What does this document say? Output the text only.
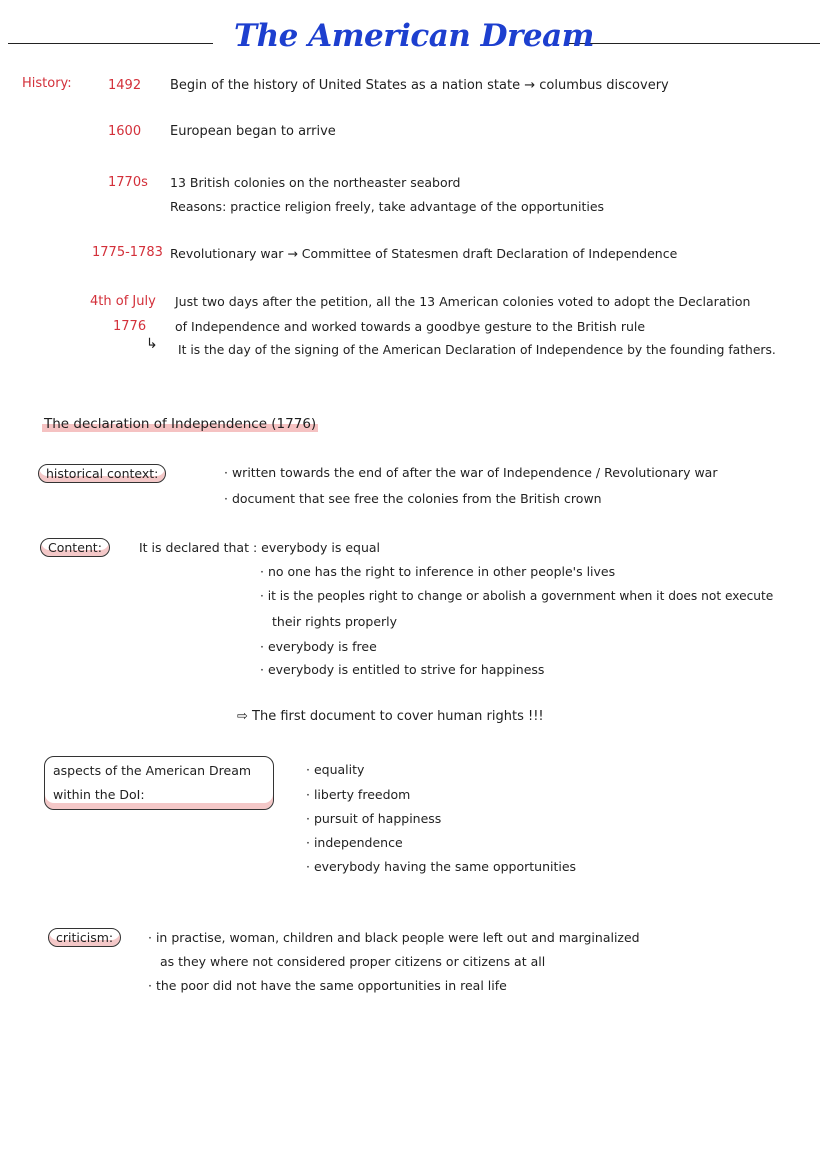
The American Dream
History:	1492 Begin of the history of United States as a nation state → columbus discovery
1600 European began to arrive
1770s 13 British colonies on the northeaster seabord
Reasons: practice religion freely, take advantage of the opportunities
1775-1783 Revolutionary war → Committee of Statesmen draft Declaration of Independence
4th of July
1776
Just two days after the petition, all the 13 American colonies voted to adopt the Declaration
of Independence and worked towards a goodbye gesture to the British rule
↳ It is the day of the signing of the American Declaration of Independence by the founding fathers.
The declaration of Independence (1776)
historical context:	· written towards the end of after the war of Independence / Revolutionary war
· document that see free the colonies from the British crown
Content:	It is declared that : everybody is equal
· no one has the right to inference in other people's lives
· it is the peoples right to change or abolish a government when it does not execute
their rights properly
· everybody is free
· everybody is entitled to strive for happiness
⇨ The first document to cover human rights !!!
aspects of the American Dream
within the DoI:
· equality
· liberty freedom
· pursuit of happiness
· independence
· everybody having the same opportunities
criticism:	· in practise, woman, children and black people were left out and marginalized
as they where not considered proper citizens or citizens at all
· the poor did not have the same opportunities in real life
